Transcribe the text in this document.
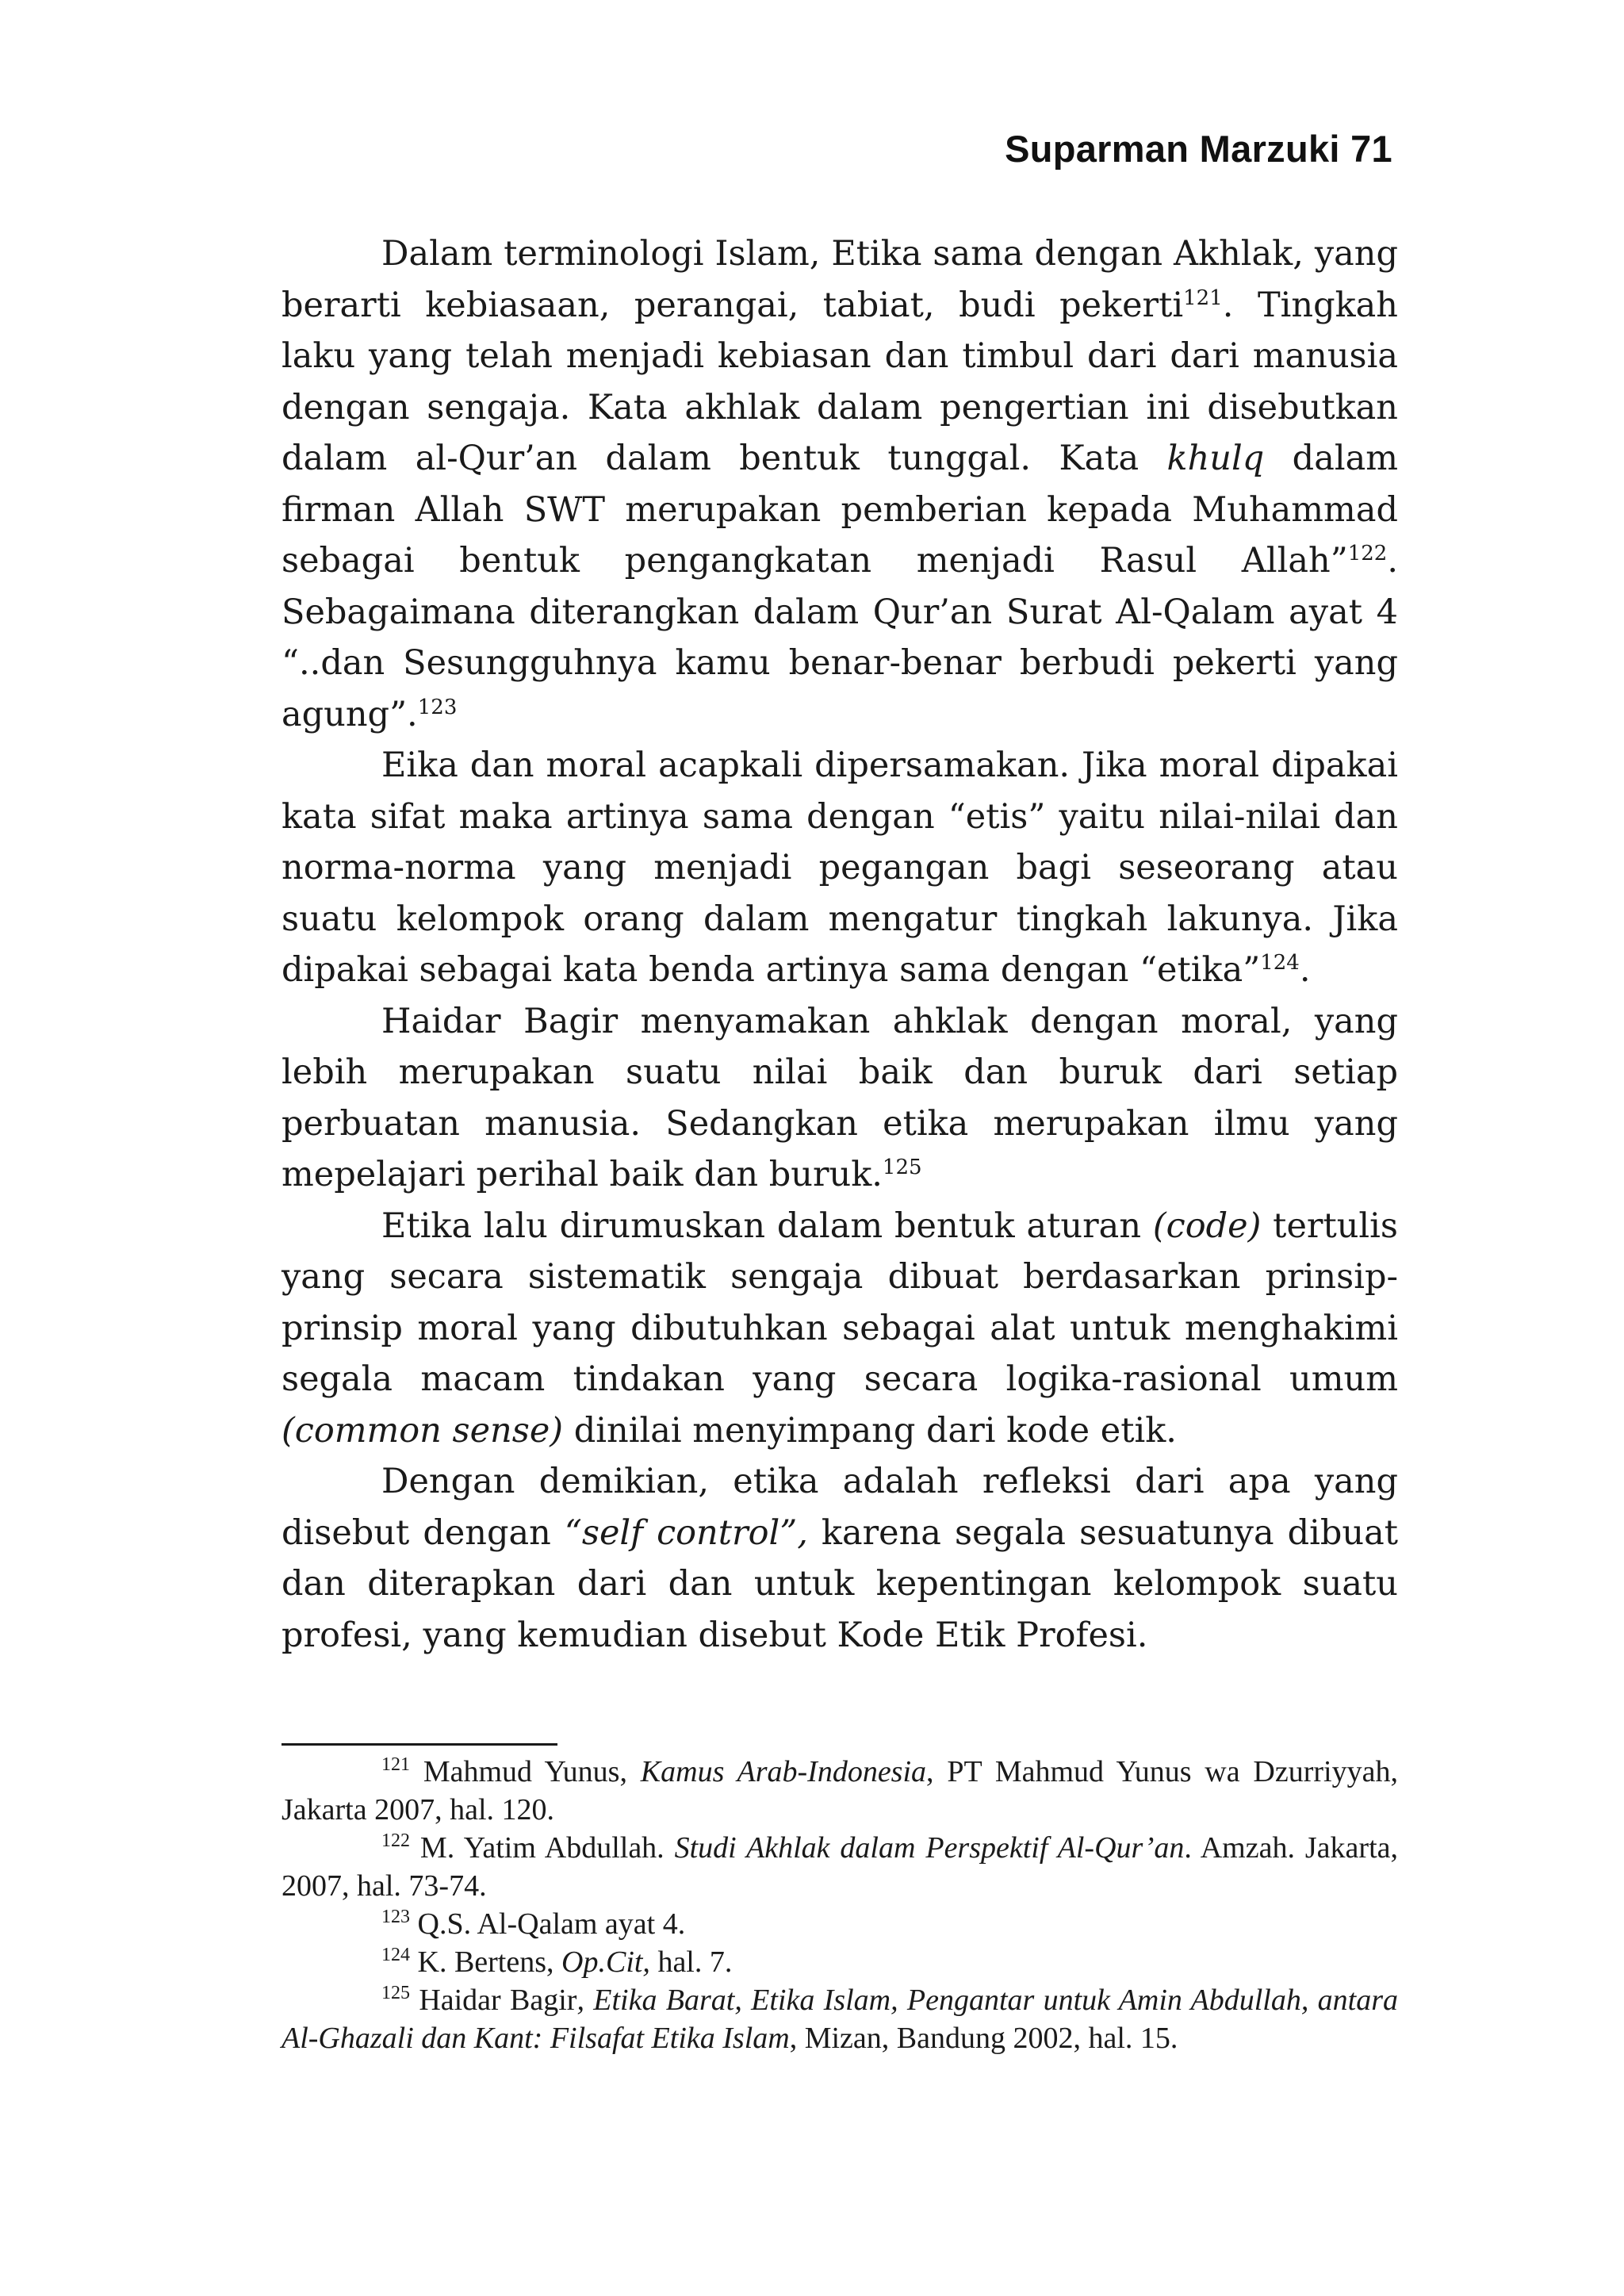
Suparman Marzuki 71

Dalam terminologi Islam, Etika sama dengan Akhlak, yang berarti kebiasaan, perangai, tabiat, budi pekerti$^{121}$. Tingkah laku yang telah menjadi kebiasan dan timbul dari dari manusia dengan sengaja. Kata akhlak dalam pengertian ini disebutkan dalam al-Qur’an dalam bentuk tunggal. Kata khulq dalam firman Allah SWT merupakan pemberian kepada Muhammad sebagai bentuk pengangkatan menjadi Rasul Allah”$^{122}$. Sebagaimana diterangkan dalam Qur’an Surat Al-Qalam ayat 4 “..dan Sesungguhnya kamu benar-benar berbudi pekerti yang agung”.$^{123}$

Eika dan moral acapkali dipersamakan. Jika moral dipakai kata sifat maka artinya sama dengan “etis” yaitu nilai-nilai dan norma-norma yang menjadi pegangan bagi seseorang atau suatu kelompok orang dalam mengatur tingkah lakunya. Jika dipakai sebagai kata benda artinya sama dengan “etika”$^{124}$.

Haidar Bagir menyamakan ahklak dengan moral, yang lebih merupakan suatu nilai baik dan buruk dari setiap perbuatan manusia. Sedangkan etika merupakan ilmu yang mepelajari perihal baik dan buruk.$^{125}$

Etika lalu dirumuskan dalam bentuk aturan (code) tertulis yang secara sistematik sengaja dibuat berdasarkan prinsip-prinsip moral yang dibutuhkan sebagai alat untuk menghakimi segala macam tindakan yang secara logika-rasional umum (common sense) dinilai menyimpang dari kode etik.

Dengan demikian, etika adalah refleksi dari apa yang disebut dengan “self control”, karena segala sesuatunya dibuat dan diterapkan dari dan untuk kepentingan kelompok suatu profesi, yang kemudian disebut Kode Etik Profesi.

$^{121}$ Mahmud Yunus, Kamus Arab-Indonesia, PT Mahmud Yunus wa Dzurriyyah, Jakarta 2007, hal. 120.

$^{122}$ M. Yatim Abdullah. Studi Akhlak dalam Perspektif Al-Qur’an. Amzah. Jakarta, 2007, hal. 73-74.

$^{123}$ Q.S. Al-Qalam ayat 4.

$^{124}$ K. Bertens, Op.Cit, hal. 7.

$^{125}$ Haidar Bagir, Etika Barat, Etika Islam, Pengantar untuk Amin Abdullah, antara Al-Ghazali dan Kant: Filsafat Etika Islam, Mizan, Bandung 2002, hal. 15.
